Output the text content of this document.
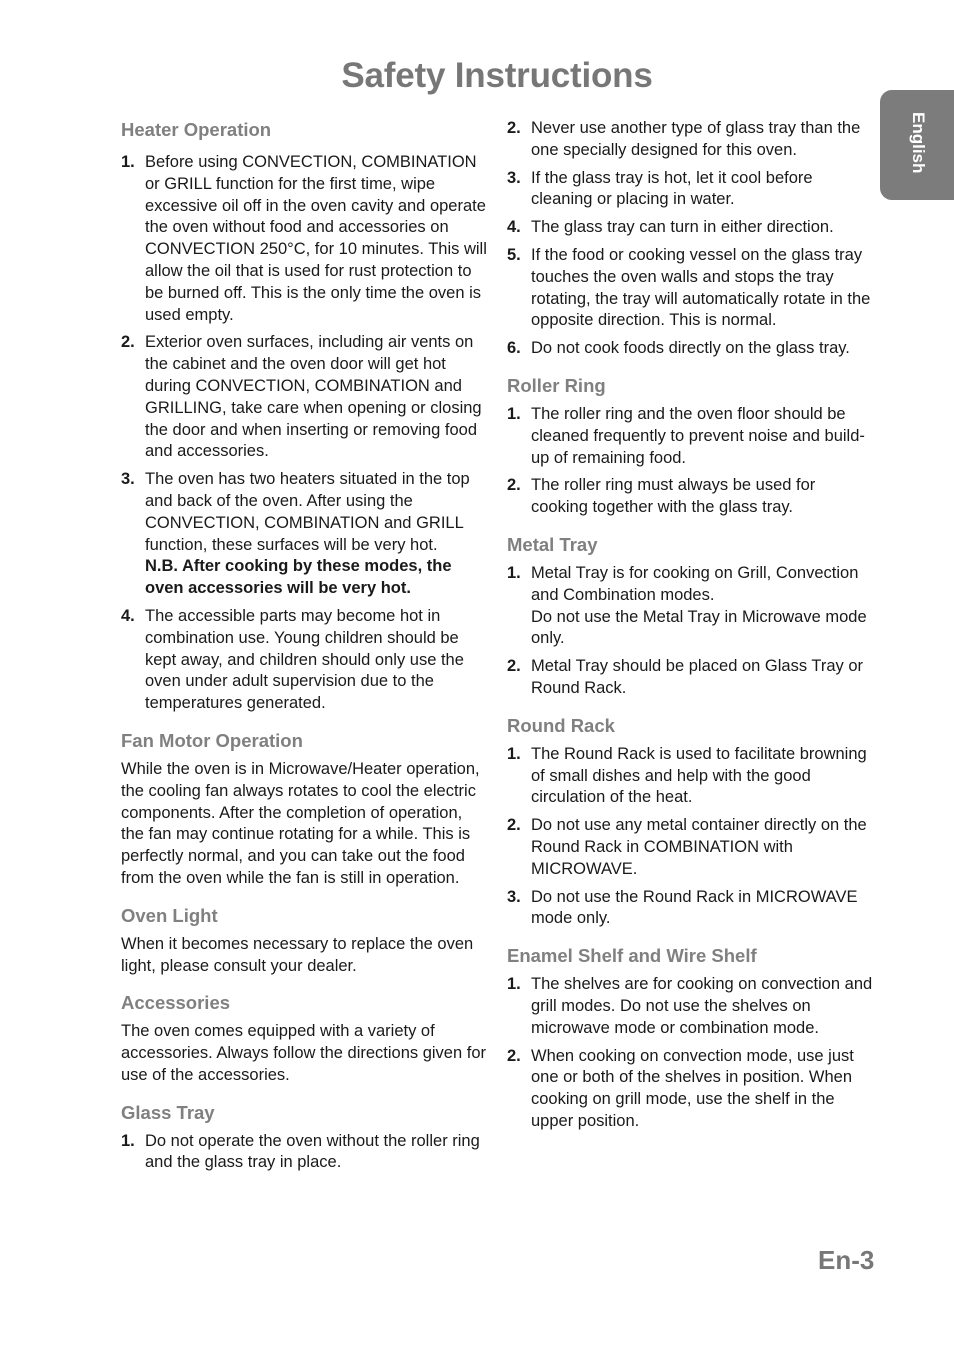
Safety Instructions
English
Heater Operation
1. Before using CONVECTION, COMBINATION or GRILL function for the first time, wipe excessive oil off in the oven cavity and operate the oven without food and accessories on CONVECTION 250°C, for 10 minutes. This will allow the oil that is used for rust protection to be burned off. This is the only time the oven is used empty.
2. Exterior oven surfaces, including air vents on the cabinet and the oven door will get hot during CONVECTION, COMBINATION and GRILLING, take care when opening or closing the door and when inserting or removing food and accessories.
3. The oven has two heaters situated in the top and back of the oven. After using the CONVECTION, COMBINATION and GRILL function, these surfaces will be very hot.
N.B. After cooking by these modes, the oven accessories will be very hot.
4. The accessible parts may become hot in combination use. Young children should be kept away, and children should only use the oven under adult supervision due to the temperatures generated.
Fan Motor Operation

While the oven is in Microwave/Heater operation, the cooling fan always rotates to cool the electric components. After the completion of operation, the fan may continue rotating for a while. This is perfectly normal, and you can take out the food from the oven while the fan is still in operation.

Oven Light

When it becomes necessary to replace the oven light, please consult your dealer.

Accessories

The oven comes equipped with a variety of accessories. Always follow the directions given for use of the accessories.

Glass Tray
1. Do not operate the oven without the roller ring and the glass tray in place.
2. Never use another type of glass tray than the one specially designed for this oven.
3. If the glass tray is hot, let it cool before cleaning or placing in water.
4. The glass tray can turn in either direction.
5. If the food or cooking vessel on the glass tray touches the oven walls and stops the tray rotating, the tray will automatically rotate in the opposite direction. This is normal.
6. Do not cook foods directly on the glass tray.
Roller Ring
1. The roller ring and the oven floor should be cleaned frequently to prevent noise and build-up of remaining food.
2. The roller ring must always be used for cooking together with the glass tray.
Metal Tray
1. Metal Tray is for cooking on Grill, Convection and Combination modes.
Do not use the Metal Tray in Microwave mode only.
2. Metal Tray should be placed on Glass Tray or Round Rack.
Round Rack
1. The Round Rack is used to facilitate browning of small dishes and help with the good circulation of the heat.
2. Do not use any metal container directly on the Round Rack in COMBINATION with MICROWAVE.
3. Do not use the Round Rack in MICROWAVE mode only.
Enamel Shelf and Wire Shelf
1. The shelves are for cooking on convection and grill modes. Do not use the shelves on microwave mode or combination mode.
2. When cooking on convection mode, use just one or both of the shelves in position. When cooking on grill mode, use the shelf in the upper position.
En-3
